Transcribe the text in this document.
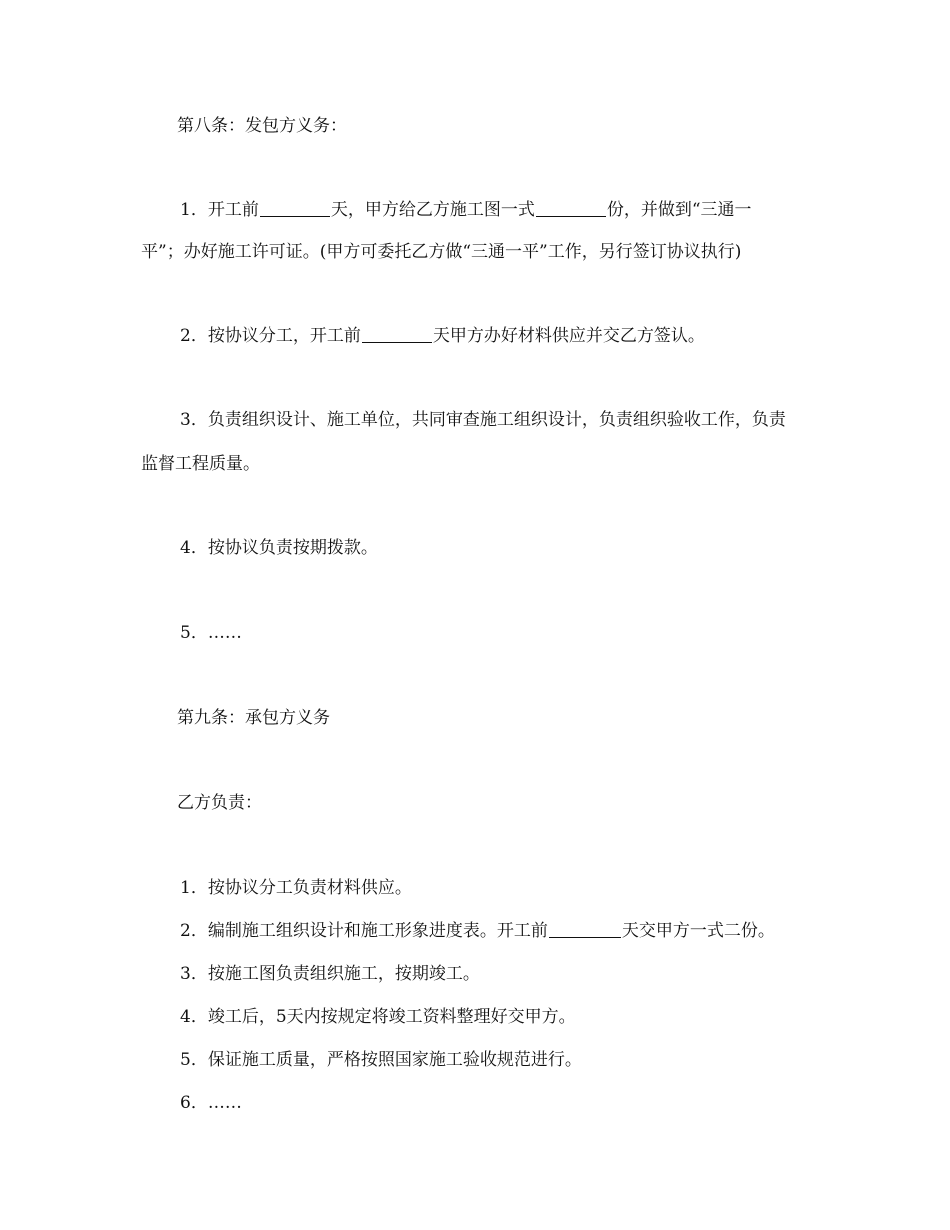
第八条：发包方义务：
1．开工前	天，甲方给乙方施工图一式	份，并做到“三通一
平”；办好施工许可证。(甲方可委托乙方做“三通一平”工作，另行签订协议执行)
2．按协议分工，开工前	天甲方办好材料供应并交乙方签认。
3．负责组织设计、施工单位，共同审查施工组织设计，负责组织验收工作，负责
监督工程质量。
4．按协议负责按期拨款。
5．……
第九条：承包方义务
乙方负责：
1．按协议分工负责材料供应。
2．编制施工组织设计和施工形象进度表。开工前	天交甲方一式二份。
3．按施工图负责组织施工，按期竣工。
4．竣工后，5天内按规定将竣工资料整理好交甲方。
5．保证施工质量，严格按照国家施工验收规范进行。
6．……
